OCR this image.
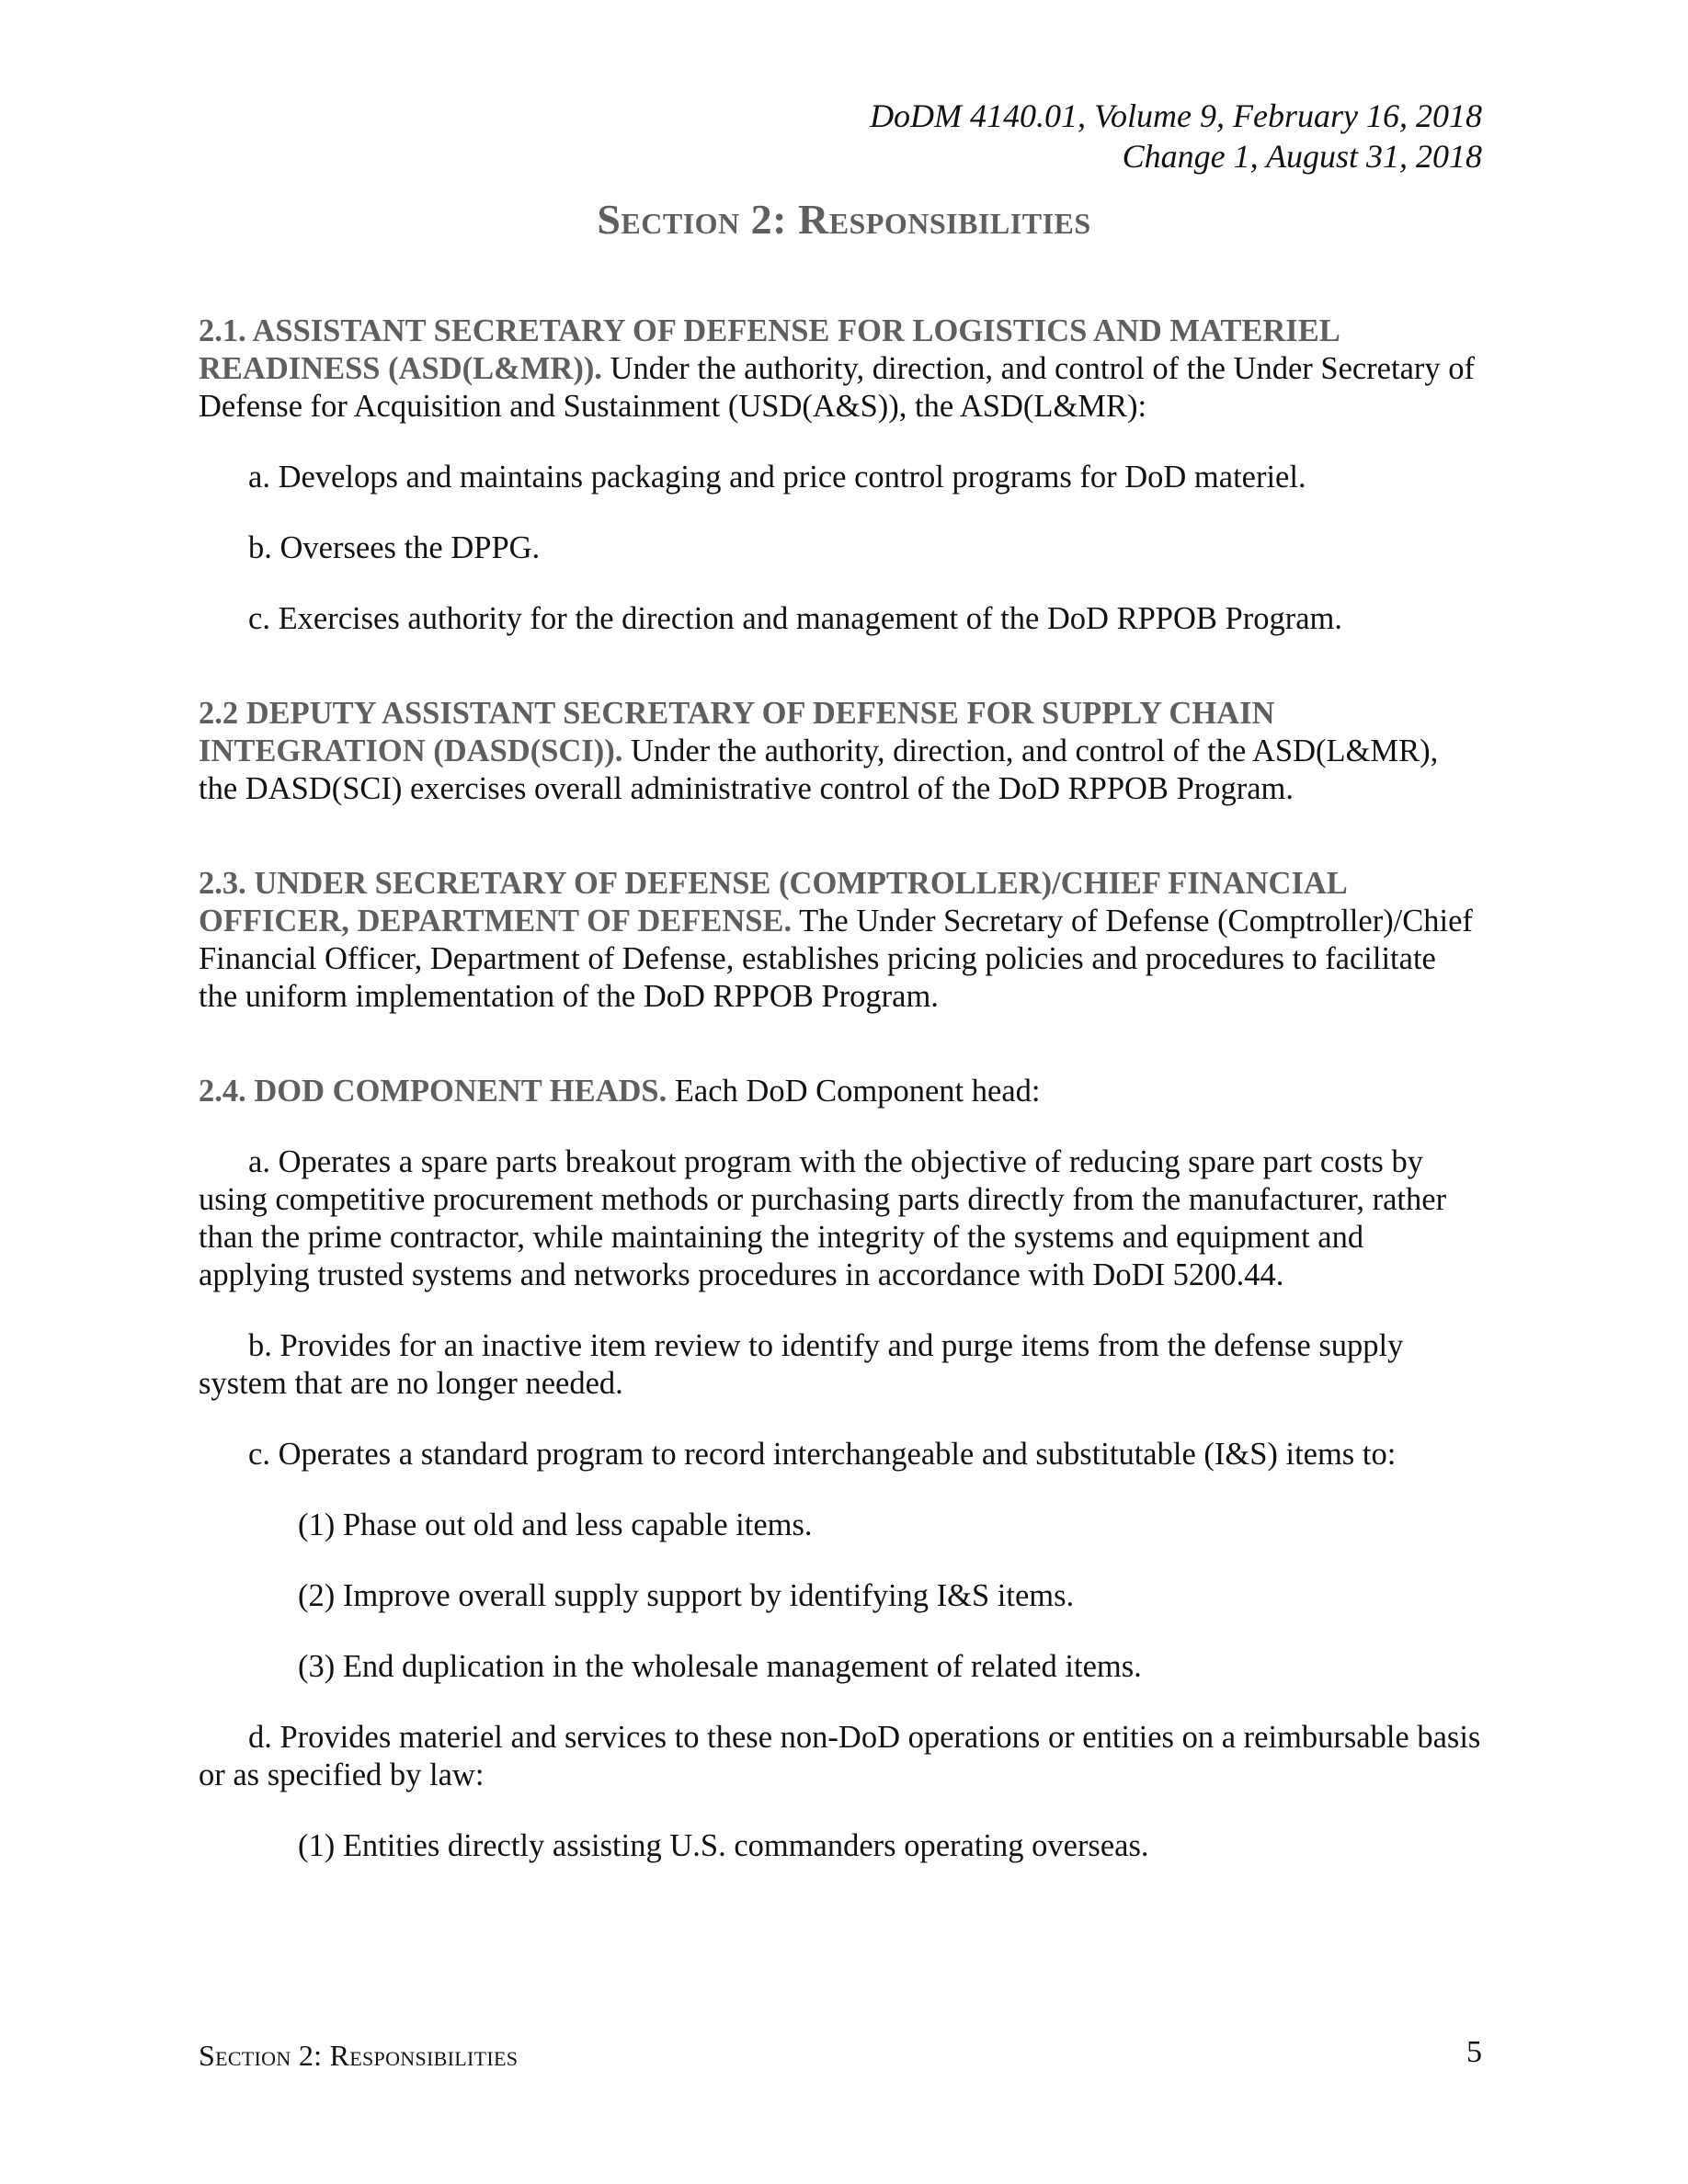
DoDM 4140.01, Volume 9, February 16, 2018
Change 1, August 31, 2018
Section 2: Responsibilities

2.1. ASSISTANT SECRETARY OF DEFENSE FOR LOGISTICS AND MATERIEL READINESS (ASD(L&MR)). Under the authority, direction, and control of the Under Secretary of Defense for Acquisition and Sustainment (USD(A&S)), the ASD(L&MR):

a. Develops and maintains packaging and price control programs for DoD materiel.

b. Oversees the DPPG.

c. Exercises authority for the direction and management of the DoD RPPOB Program.

2.2 DEPUTY ASSISTANT SECRETARY OF DEFENSE FOR SUPPLY CHAIN INTEGRATION (DASD(SCI)). Under the authority, direction, and control of the ASD(L&MR), the DASD(SCI) exercises overall administrative control of the DoD RPPOB Program.

2.3. UNDER SECRETARY OF DEFENSE (COMPTROLLER)/CHIEF FINANCIAL OFFICER, DEPARTMENT OF DEFENSE. The Under Secretary of Defense (Comptroller)/Chief Financial Officer, Department of Defense, establishes pricing policies and procedures to facilitate the uniform implementation of the DoD RPPOB Program.

2.4. DOD COMPONENT HEADS. Each DoD Component head:

a. Operates a spare parts breakout program with the objective of reducing spare part costs by using competitive procurement methods or purchasing parts directly from the manufacturer, rather than the prime contractor, while maintaining the integrity of the systems and equipment and applying trusted systems and networks procedures in accordance with DoDI 5200.44.

b. Provides for an inactive item review to identify and purge items from the defense supply system that are no longer needed.

c. Operates a standard program to record interchangeable and substitutable (I&S) items to:

(1) Phase out old and less capable items.

(2) Improve overall supply support by identifying I&S items.

(3) End duplication in the wholesale management of related items.

d. Provides materiel and services to these non-DoD operations or entities on a reimbursable basis or as specified by law:

(1) Entities directly assisting U.S. commanders operating overseas.

Section 2: Responsibilities	5
